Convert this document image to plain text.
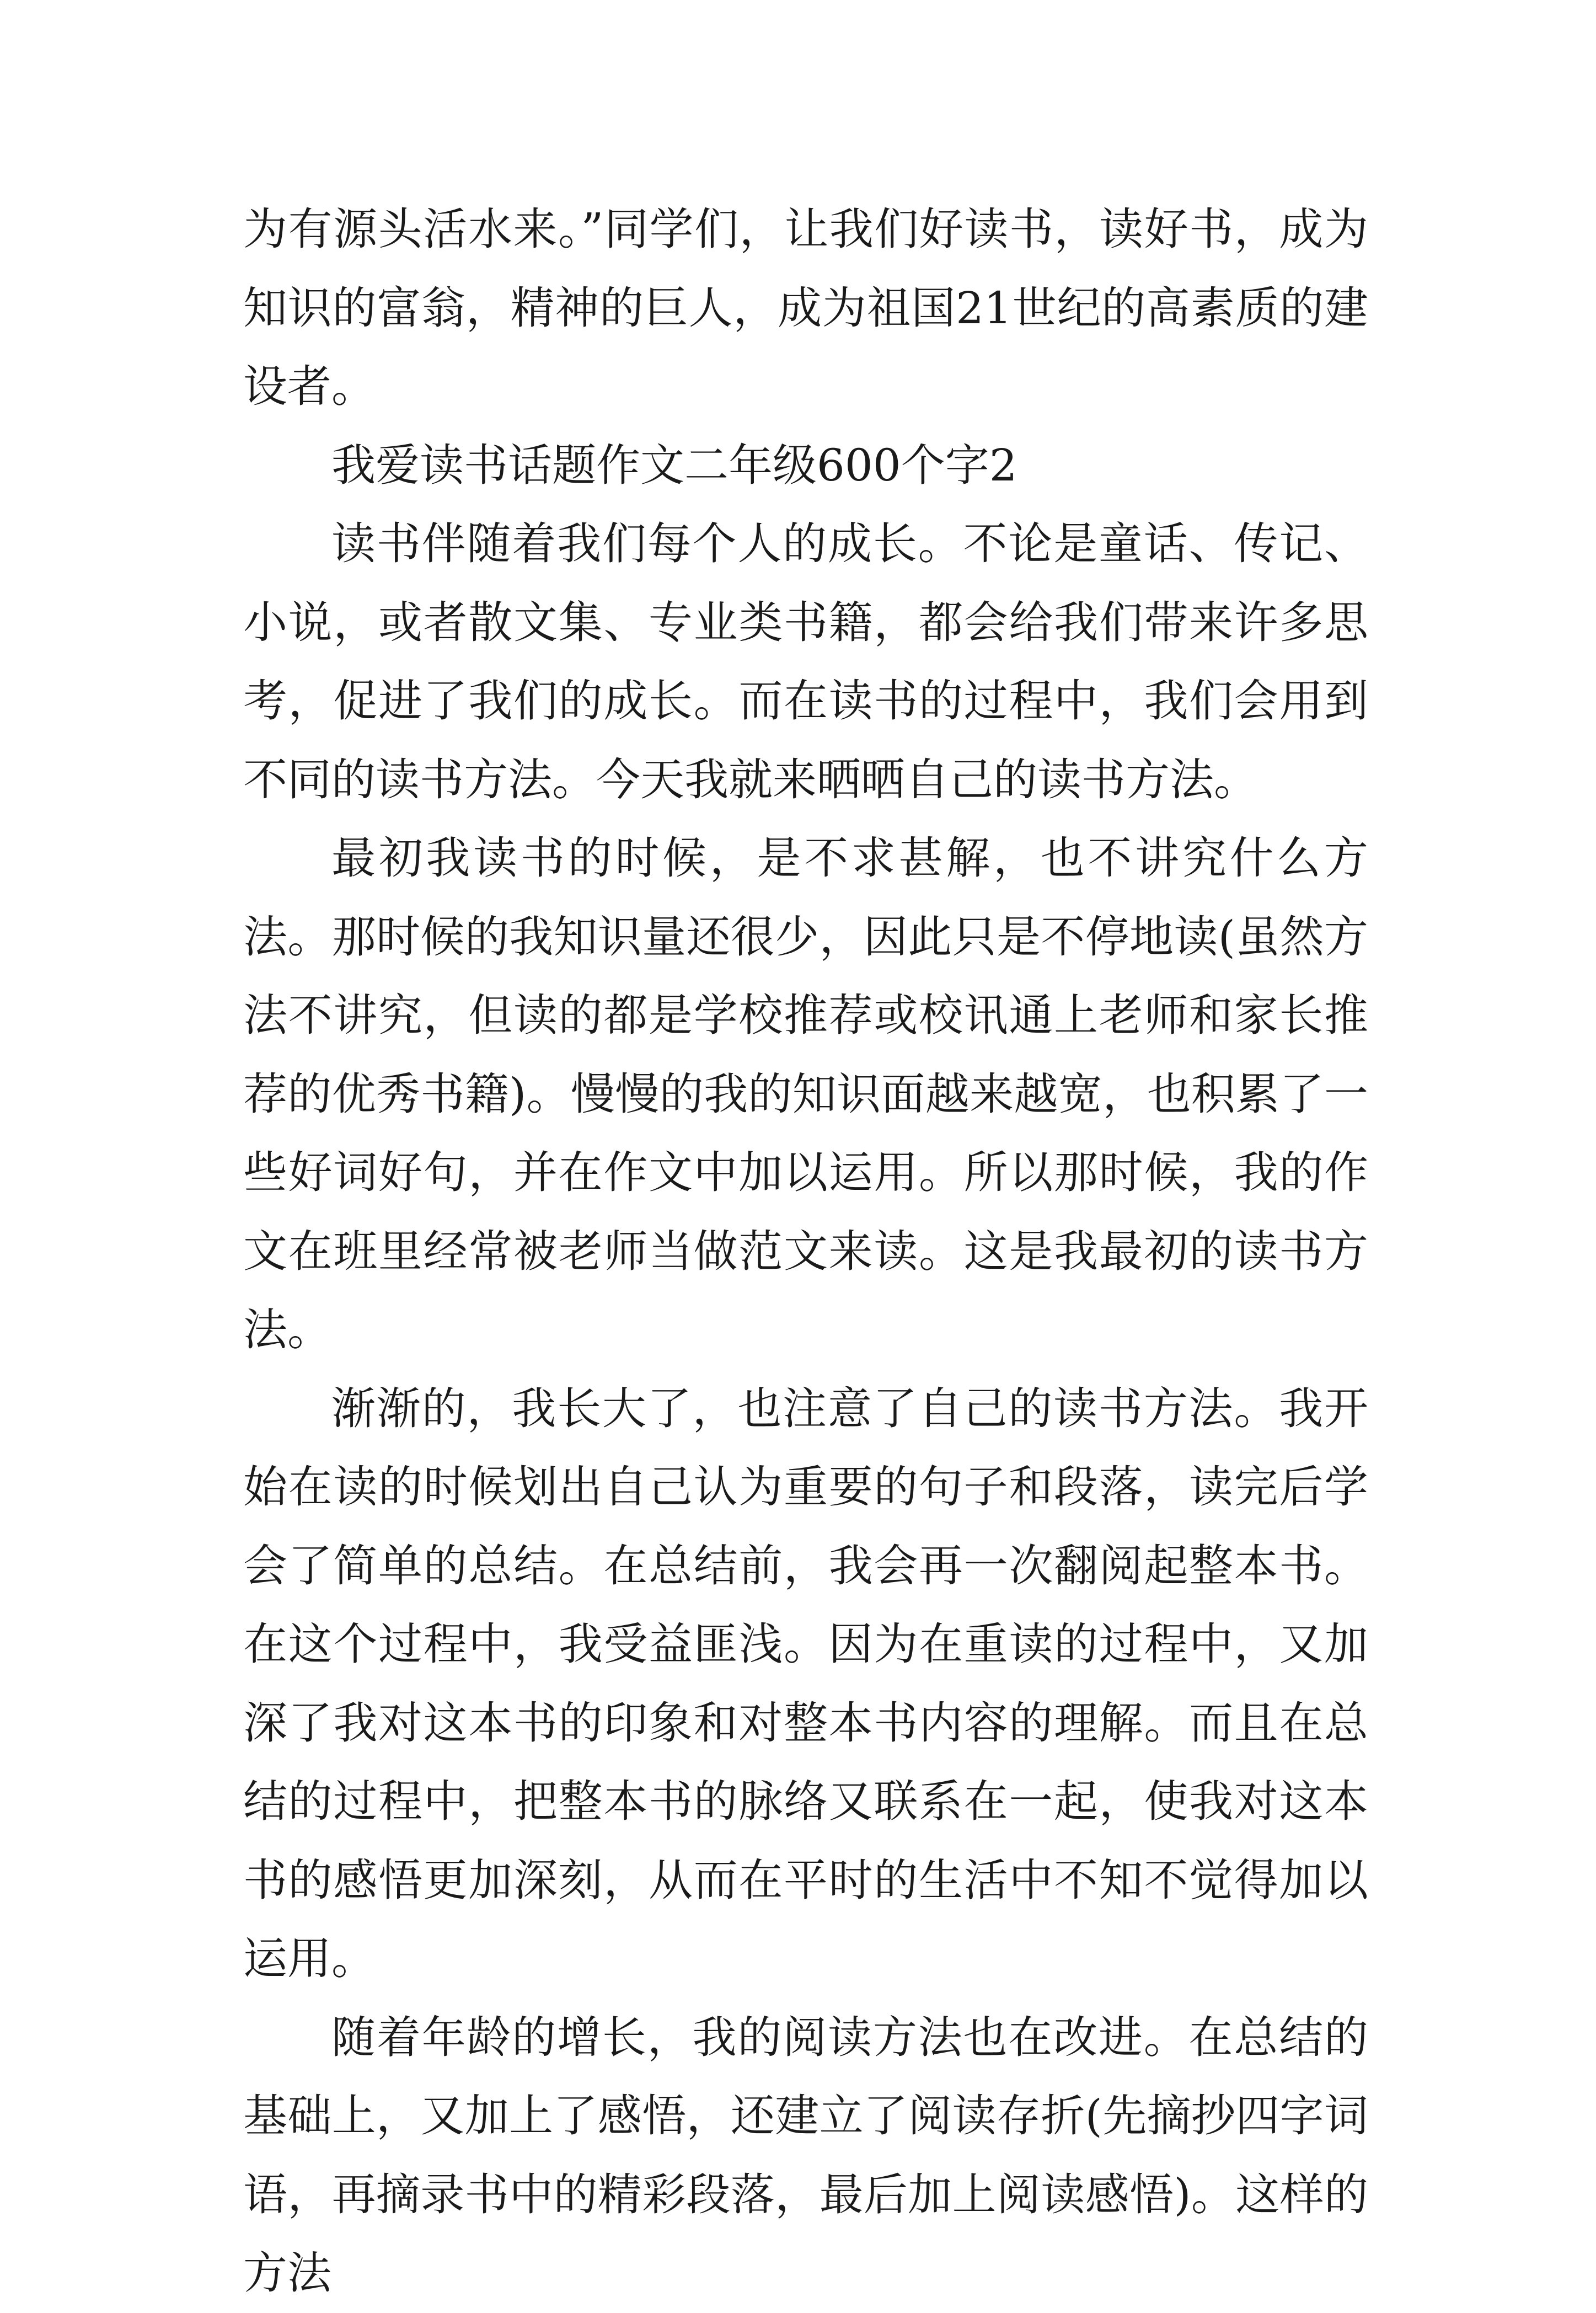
为有源头活水来。”同学们，让我们好读书，读好书，成为知识的富翁，精神的巨人，成为祖国21世纪的高素质的建设者。

我爱读书话题作文二年级600个字2

读书伴随着我们每个人的成长。不论是童话、传记、小说，或者散文集、专业类书籍，都会给我们带来许多思考，促进了我们的成长。而在读书的过程中，我们会用到不同的读书方法。今天我就来晒晒自己的读书方法。

最初我读书的时候，是不求甚解，也不讲究什么方法。那时候的我知识量还很少，因此只是不停地读(虽然方法不讲究，但读的都是学校推荐或校讯通上老师和家长推荐的优秀书籍)。慢慢的我的知识面越来越宽，也积累了一些好词好句，并在作文中加以运用。所以那时候，我的作文在班里经常被老师当做范文来读。这是我最初的读书方法。

渐渐的，我长大了，也注意了自己的读书方法。我开始在读的时候划出自己认为重要的句子和段落，读完后学会了简单的总结。在总结前，我会再一次翻阅起整本书。在这个过程中，我受益匪浅。因为在重读的过程中，又加深了我对这本书的印象和对整本书内容的理解。而且在总结的过程中，把整本书的脉络又联系在一起，使我对这本书的感悟更加深刻，从而在平时的生活中不知不觉得加以运用。

随着年龄的增长，我的阅读方法也在改进。在总结的基础上，又加上了感悟，还建立了阅读存折(先摘抄四字词语，再摘录书中的精彩段落，最后加上阅读感悟)。这样的方法
